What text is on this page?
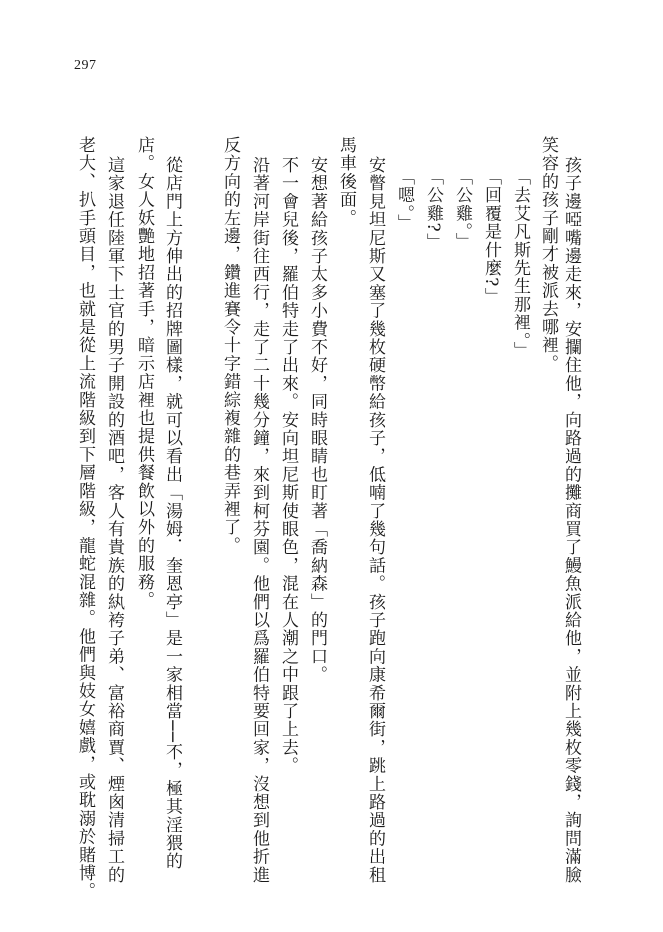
297
孩子邊啞嘴邊走來，安攔住他，向路過的攤商買了鰻魚派給他，並附上幾枚零錢，詢問滿臉
笑容的孩子剛才被派去哪裡。
「去艾凡斯先生那裡。」
「回覆是什麼?」
「公雞。」
「公雞?」
「嗯。」
安瞥見坦尼斯又塞了幾枚硬幣給孩子，低喃了幾句話。孩子跑向康希爾街，跳上路過的出租
馬車後面。
安想著給孩子太多小費不好，同時眼睛也盯著「喬納森」的門口。
不一會兒後，羅伯特走了出來。安向坦尼斯使眼色，混在人潮之中跟了上去。
沿著河岸街往西行，走了二十幾分鐘，來到柯芬園。他們以爲羅伯特要回家，沒想到他折進
反方向的左邊，鑽進賽令十字錯綜複雜的巷弄裡了。
從店門上方伸出的招牌圖樣，就可以看出「湯姆．奎恩亭」是一家相當──不，極其淫猥的
店。女人妖艷地招著手，暗示店裡也提供餐飲以外的服務。
這家退任陸軍下士官的男子開設的酒吧，客人有貴族的紈袴子弟、富裕商賈、煙囪清掃工的
老大、扒手頭目，也就是從上流階級到下層階級，龍蛇混雜。他們與妓女嬉戲，或耽溺於賭博。
